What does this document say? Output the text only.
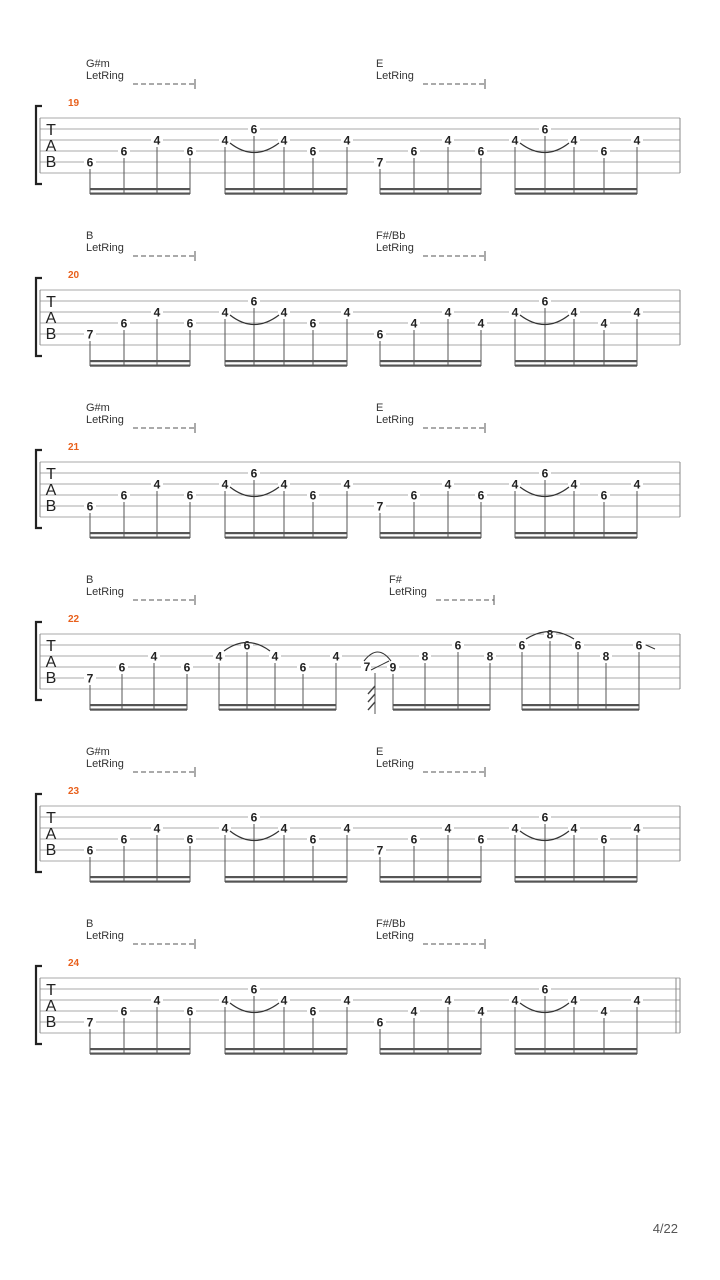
G#m
LetRing
E
LetRing
19
T
A
B	6
6
4
6
4
6
4
6
4
7
6
4
6
4
6
4
6
4
B
LetRing
F#/Bb
LetRing
20
T
A
B	7
6
4
6
4
6
4
6
4
6
4
4
4
4
6
4
4
4
G#m
LetRing
E
LetRing
21
T
A
B	6
6
4
6
4
6
4
6
4
7
6
4
6
4
6
4
6
4
B
LetRing
F#
LetRing
22
T
A
B	7
6
4
6
4
6
4
6
4
9
8
6
8
6
8
6
8
6
7
G#m
LetRing
E
LetRing
23
T
A
B	6
6
4
6
4
6
4
6
4
7
6
4
6
4
6
4
6
4
B
LetRing
F#/Bb
LetRing
24
T
A
B	7
6
4
6
4
6
4
6
4
6
4
4
4
4
6
4
4
4
4/22
